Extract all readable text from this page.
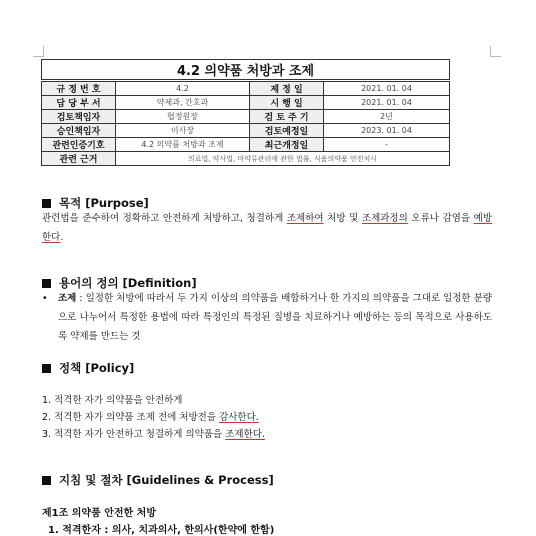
4.2 의약품 처방과 조제			
규 정 번 호	4.2	제 정 일	2021. 01. 04
담 당 부 서	약제과, 간호과	시 행 일	2021. 01. 04
검토책임자	협정원장	검 토 주 기	2년
승인책임자	이사장	검토예정일	2023. 01. 04
관련인증기호	4.2 의약품 처방과 조제	최근개정일	-
관련 근거	의료법, 약사법, 마약류관리에 관한 법률, 식품의약품 안전처시		
목적 [Purpose]

관련법을 준수하여 정확하고 안전하게 처방하고, 청결하게 조제하여 처방 및 조제과정의 오류나 감염을 예방한다.

용어의 정의 [Definition]
• 조제 : 일정한 처방에 따라서 두 가지 이상의 의약품을 배합하거나 한 가지의 의약품을 그대로 일정한 분량으로 나누어서 특정한 용법에 따라 특정인의 특정된 질병을 치료하거나 예방하는 등의 목적으로 사용하도록 약제를 만드는 것
정책 [Policy]
1. 적격한 자가 의약품을 안전하게
2. 적격한 자가 의약품 조제 전에 처방전을 감사한다.
3. 적격한 자가 안전하고 청결하게 의약품을 조제한다.
지침 및 절차 [Guidelines & Process]
제1조 의약품 안전한 처방
1. 적격한자 : 의사, 치과의사, 한의사(한약에 한함)
